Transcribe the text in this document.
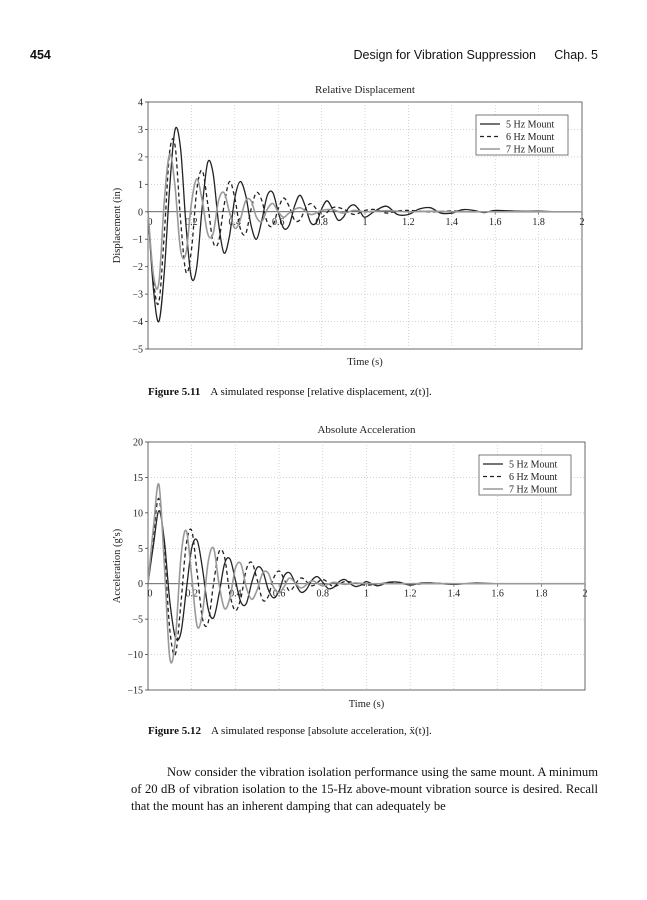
454	Design for Vibration Suppression Chap. 5
−5
−4
−3
−2
−1
0
1
2
3
4
0	0.2	0.4	0.6	0.8	1	1.2	1.4	1.6	1.8	2
Relative Displacement
Time (s)
Displacement (in)
5 Hz Mount
6 Hz Mount
7 Hz Mount
Figure 5.11 A simulated response [relative displacement, z(t)].
−15
−10
−5
0
5
10
15
20
0	0.2	0.4	0.6	0.8	1	1.2	1.4	1.6	1.8	2
Absolute Acceleration
Time (s)
Acceleration (g's)
5 Hz Mount
6 Hz Mount
7 Hz Mount
Figure 5.12 A simulated response [absolute acceleration, ẍ(t)].

Now consider the vibration isolation performance using the same mount. A minimum of 20 dB of vibration isolation to the 15-Hz above-mount vibration source is desired. Recall that the mount has an inherent damping that can adequately be
